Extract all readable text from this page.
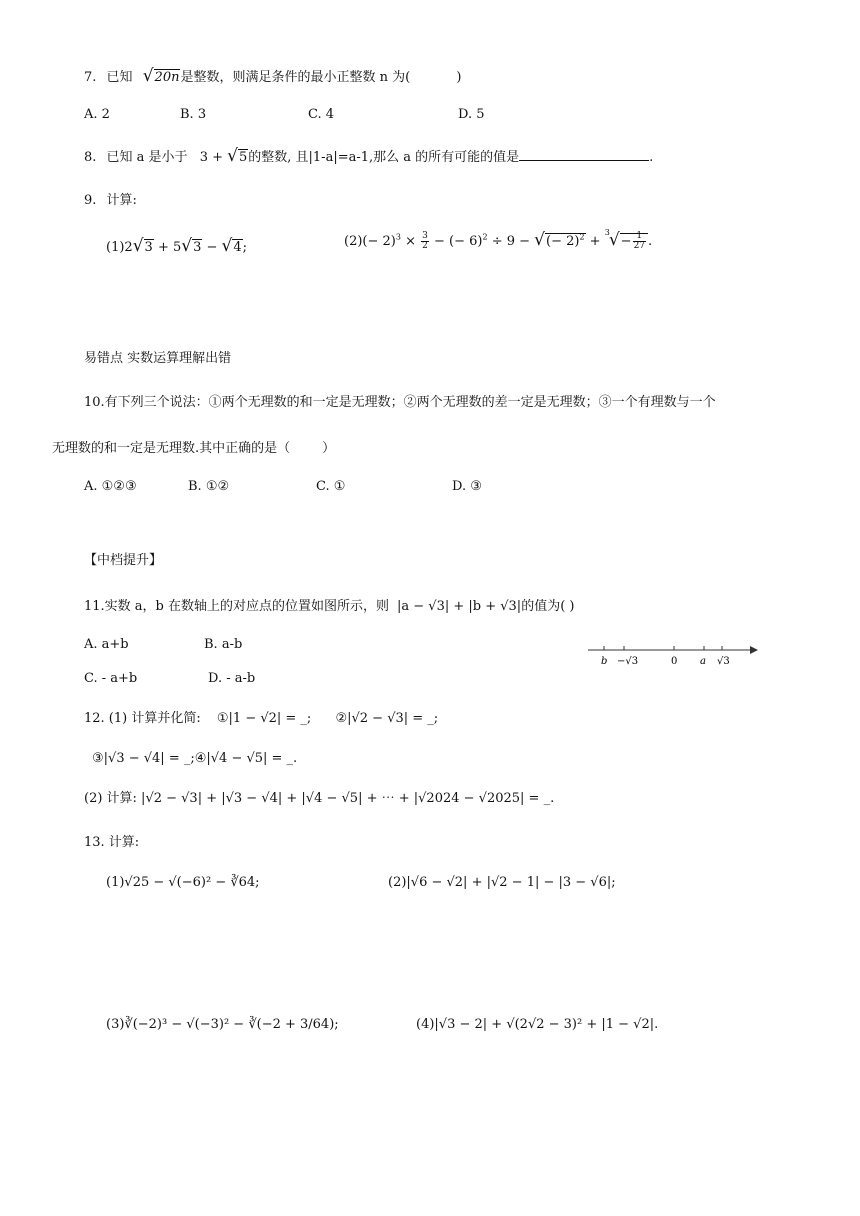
7. 已知 √20n是整数，则满足条件的最小正整数 n 为(	)
A. 2	B. 3	C. 4	D. 5
8. 已知 a 是小于 3 + √5的整数, 且|1-a|=a-1,那么 a 的所有可能的值是	.
9. 计算:
(1)2√3 + 5√3 − √4;	$(2)(- 2)^3 \times \frac{3}{2}$ − (− 6)$^2$ ÷ 9 − √(− $2)^2 + ^3√- \frac{1}{27}$ .
易错点 实数运算理解出错
10.有下列三个说法：①两个无理数的和一定是无理数；②两个无理数的差一定是无理数；③一个有理数与一个
无理数的和一定是无理数.其中正确的是（ ）
A. ①②③	B. ①②	C. ①	D. ③
【中档提升】
11.实数 a，b 在数轴上的对应点的位置如图所示，则 |a − √3| + |b + √3|的值为( )
A. a+b	B. a-b
C. - a+b	D. - a-b
b −√3	0 a √3
12. (1) 计算并化简: ①|1 − √2| = _; ②|√2 − √3| = _;
③|√3 − √4| = _;④|√4 − √5| = _.
(2) 计算: |√2 − √3| + |√3 − √4| + |√4 − √5| + ⋯ + |√2024 − √2025| = _.
13. 计算:
(1)√25 − √(−6)² − ∛64;	(2)|√6 − √2| + |√2 − 1| − |3 − √6|;
(3)∛(−2)³ − √(−3)² − ∛(−2 + 3/64);	(4)|√3 − 2| + √(2√2 − 3)² + |1 − √2|.
